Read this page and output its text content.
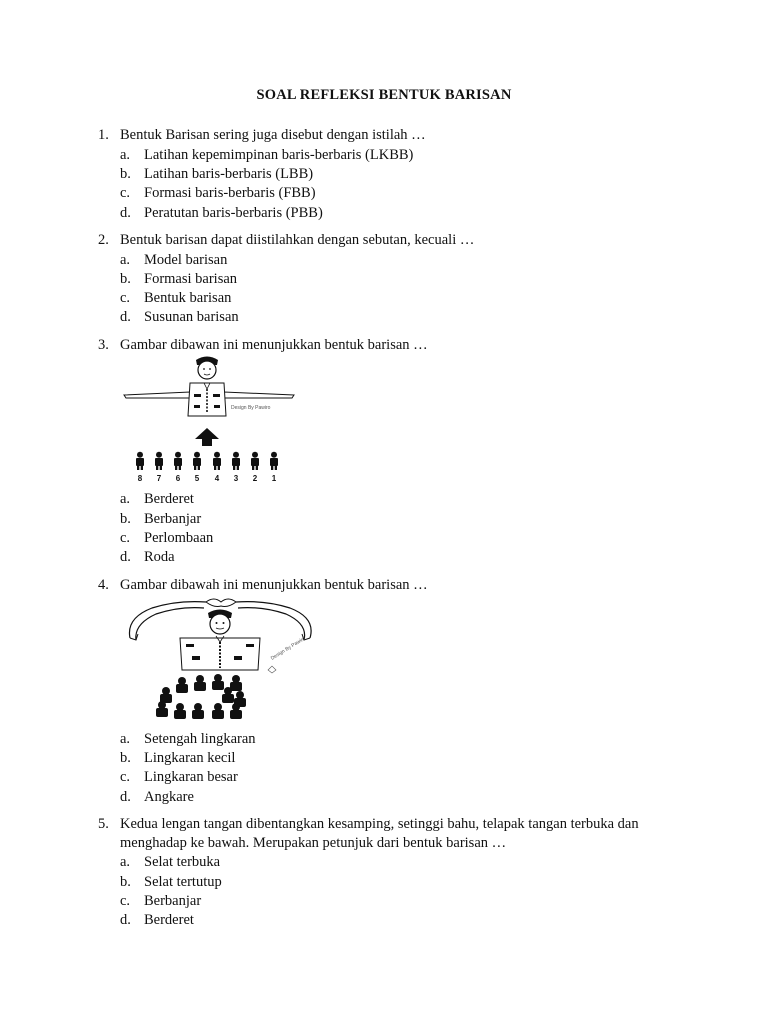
SOAL REFLEKSI BENTUK BARISAN
1. Bentuk Barisan sering juga disebut dengan istilah …
a. Latihan kepemimpinan baris-berbaris (LKBB)
b. Latihan baris-berbaris (LBB)
c. Formasi baris-berbaris (FBB)
d. Peratutan baris-berbaris (PBB)
2. Bentuk barisan dapat diistilahkan dengan sebutan, kecuali …
a. Model barisan
b. Formasi barisan
c. Bentuk barisan
d. Susunan barisan
3. Gambar dibawan ini menunjukkan bentuk barisan …
Design By Pawiro
8 7 6 5 4 3 2 1
a. Berderet
b. Berbanjar
c. Perlombaan
d. Roda
4. Gambar dibawah ini menunjukkan bentuk barisan …
Design By Pawiro
a. Setengah lingkaran
b. Lingkaran kecil
c. Lingkaran besar
d. Angkare
5. Kedua lengan tangan dibentangkan kesamping, setinggi bahu, telapak tangan terbuka dan menghadap ke bawah. Merupakan petunjuk dari bentuk barisan …
a. Selat terbuka
b. Selat tertutup
c. Berbanjar
d. Berderet
